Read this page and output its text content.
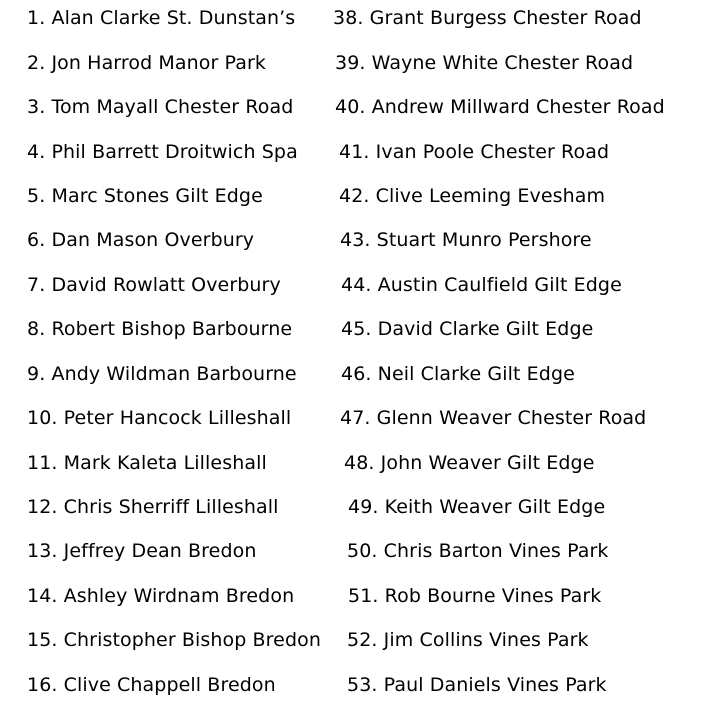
1. Alan Clarke St. Dunstan’s
2. Jon Harrod Manor Park
3. Tom Mayall Chester Road
4. Phil Barrett Droitwich Spa
5. Marc Stones Gilt Edge
6. Dan Mason Overbury
7. David Rowlatt Overbury
8. Robert Bishop Barbourne
9. Andy Wildman Barbourne
10. Peter Hancock Lilleshall
11. Mark Kaleta Lilleshall
12. Chris Sherriff Lilleshall
13. Jeffrey Dean Bredon
14. Ashley Wirdnam Bredon
15. Christopher Bishop Bredon
16. Clive Chappell Bredon
38. Grant Burgess Chester Road
39. Wayne White Chester Road
40. Andrew Millward Chester Road
41. Ivan Poole Chester Road
42. Clive Leeming Evesham
43. Stuart Munro Pershore
44. Austin Caulfield Gilt Edge
45. David Clarke Gilt Edge
46. Neil Clarke Gilt Edge
47. Glenn Weaver Chester Road
48. John Weaver Gilt Edge
49. Keith Weaver Gilt Edge
50. Chris Barton Vines Park
51. Rob Bourne Vines Park
52. Jim Collins Vines Park
53. Paul Daniels Vines Park
